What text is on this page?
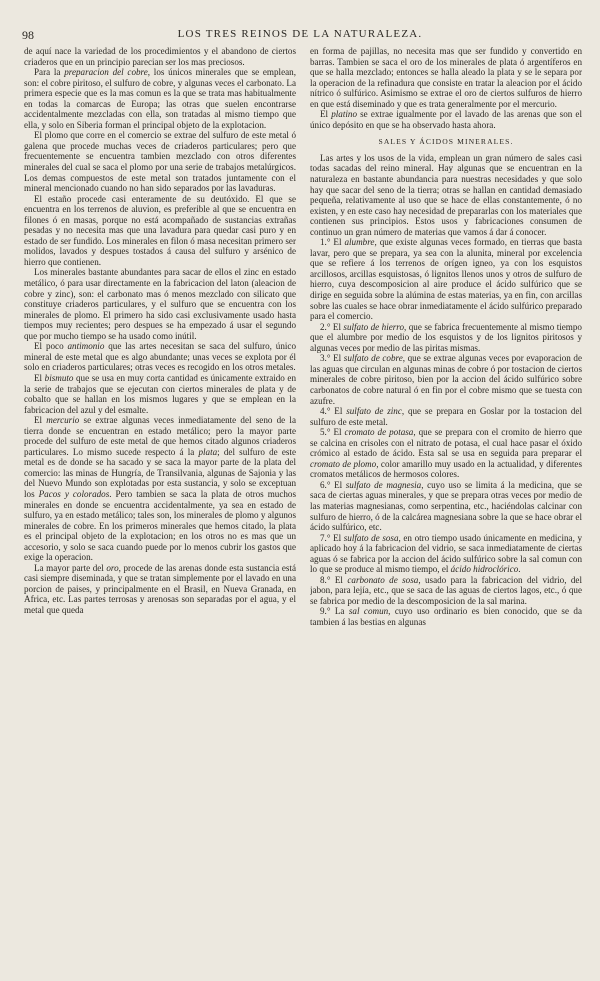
98	LOS TRES REINOS DE LA NATURALEZA.

de aquí nace la variedad de los procedimientos y el abandono de ciertos criaderos que en un principio parecian ser los mas preciosos.

Para la preparacion del cobre, los únicos minerales que se emplean, son: el cobre piritoso, el sulfuro de cobre, y algunas veces el carbonato. La primera especie que es la mas comun es la que se trata mas habitualmente en todas la comarcas de Europa; las otras que suelen encontrarse accidentalmente mezcladas con ella, son tratadas al mismo tiempo que ella, y solo en Siberia forman el principal objeto de la explotacion.

El plomo que corre en el comercio se extrae del sulfuro de este metal ó galena que procede muchas veces de criaderos particulares; pero que frecuentemente se encuentra tambien mezclado con otros diferentes minerales del cual se saca el plomo por una serie de trabajos metalúrgicos. Los demas compuestos de este metal son tratados juntamente con el mineral mencionado cuando no han sido separados por las lavaduras.

El estaño procede casi enteramente de su deutóxido. El que se encuentra en los terrenos de aluvion, es preferible al que se encuentra en filones ó en masas, porque no está acompañado de sustancias extrañas pesadas y no necesita mas que una lavadura para quedar casi puro y en estado de ser fundido. Los minerales en filon ó masa necesitan primero ser molidos, lavados y despues tostados á causa del sulfuro y arsénico de hierro que contienen.

Los minerales bastante abundantes para sacar de ellos el zinc en estado metálico, ó para usar directamente en la fabricacion del laton (aleacion de cobre y zinc), son: el carbonato mas ó menos mezclado con silicato que constituye criaderos particulares, y el sulfuro que se encuentra con los minerales de plomo. El primero ha sido casi exclusivamente usado hasta tiempos muy recientes; pero despues se ha empezado á usar el segundo que por mucho tiempo se ha usado como inútil.

El poco antimonio que las artes necesitan se saca del sulfuro, único mineral de este metal que es algo abundante; unas veces se explota por él solo en criaderos particulares; otras veces es recogido en los otros metales.

El bismuto que se usa en muy corta cantidad es únicamente extraido en la serie de trabajos que se ejecutan con ciertos minerales de plata y de cobalto que se hallan en los mismos lugares y que se emplean en la fabricacion del azul y del esmalte.

El mercurio se extrae algunas veces inmediatamente del seno de la tierra donde se encuentran en estado metálico; pero la mayor parte procede del sulfuro de este metal de que hemos citado algunos criaderos particulares. Lo mismo sucede respecto á la plata; del sulfuro de este metal es de donde se ha sacado y se saca la mayor parte de la plata del comercio: las minas de Hungría, de Transilvania, algunas de Sajonia y las del Nuevo Mundo son explotadas por esta sustancia, y solo se exceptuan los Pacos y colorados. Pero tambien se saca la plata de otros muchos minerales en donde se encuentra accidentalmente, ya sea en estado de sulfuro, ya en estado metálico; tales son, los minerales de plomo y algunos minerales de cobre. En los primeros minerales que hemos citado, la plata es el principal objeto de la explotacion; en los otros no es mas que un accesorio, y solo se saca cuando puede por lo menos cubrir los gastos que exige la operacion.

La mayor parte del oro, procede de las arenas donde esta sustancia está casi siempre diseminada, y que se tratan simplemente por el lavado en una porcion de paises, y principalmente en el Brasil, en Nueva Granada, en Africa, etc. Las partes terrosas y arenosas son separadas por el agua, y el metal que queda

en forma de pajillas, no necesita mas que ser fundido y convertido en barras. Tambien se saca el oro de los minerales de plata ó argentíferos en que se halla mezclado; entonces se halla aleado la plata y se le separa por la operacion de la refinadura que consiste en tratar la aleacion por el ácido nítrico ó sulfúrico. Asimismo se extrae el oro de ciertos sulfuros de hierro en que está diseminado y que es trata generalmente por el mercurio.

El platino se extrae igualmente por el lavado de las arenas que son el único depósito en que se ha observado hasta ahora.

SALES Y ÁCIDOS MINERALES.

Las artes y los usos de la vida, emplean un gran número de sales casi todas sacadas del reino mineral. Hay algunas que se encuentran en la naturaleza en bastante abundancia para nuestras necesidades y que solo hay que sacar del seno de la tierra; otras se hallan en cantidad demasiado pequeña, relativamente al uso que se hace de ellas constantemente, ó no existen, y en este caso hay necesidad de prepararlas con los materiales que contienen sus principios. Estos usos y fabricaciones consumen de continuo un gran número de materias que vamos á dar á conocer.

1.° El alumbre, que existe algunas veces formado, en tierras que basta lavar, pero que se prepara, ya sea con la alunita, mineral por excelencia que se refiere á los terrenos de orígen igneo, ya con los esquistos arcillosos, arcillas esquistosas, ó lignitos llenos unos y otros de sulfuro de hierro, cuya descomposicion al aire produce el ácido sulfúrico que se dirige en seguida sobre la alúmina de estas materias, ya en fin, con arcillas sobre las cuales se hace obrar inmediatamente el ácido sulfúrico preparado para el comercio.

2.° El sulfato de hierro, que se fabrica frecuentemente al mismo tiempo que el alumbre por medio de los esquistos y de los lignitos piritosos y algunas veces por medio de las piritas mismas.

3.° El sulfato de cobre, que se extrae algunas veces por evaporacion de las aguas que circulan en algunas minas de cobre ó por tostacion de ciertos minerales de cobre piritoso, bien por la accion del ácido sulfúrico sobre carbonatos de cobre natural ó en fin por el cobre mismo que se tuesta con azufre.

4.° El sulfato de zinc, que se prepara en Goslar por la tostacion del sulfuro de este metal.

5.° El cromato de potasa, que se prepara con el cromito de hierro que se calcina en crisoles con el nitrato de potasa, el cual hace pasar el óxido crómico al estado de ácido. Esta sal se usa en seguida para preparar el cromato de plomo, color amarillo muy usado en la actualidad, y diferentes cromatos metálicos de hermosos colores.

6.° El sulfato de magnesia, cuyo uso se limita á la medicina, que se saca de ciertas aguas minerales, y que se prepara otras veces por medio de las materias magnesianas, como serpentina, etc., haciéndolas calcinar con sulfuro de hierro, ó de la calcárea magnesiana sobre la que se hace obrar el ácido sulfúrico, etc.

7.° El sulfato de sosa, en otro tiempo usado únicamente en medicina, y aplicado hoy á la fabricacion del vidrio, se saca inmediatamente de ciertas aguas ó se fabrica por la accion del ácido sulfúrico sobre la sal comun con lo que se produce al mismo tiempo, el ácido hidroclórico.

8.° El carbonato de sosa, usado para la fabricacion del vidrio, del jabon, para lejía, etc., que se saca de las aguas de ciertos lagos, etc., ó que se fabrica por medio de la descomposicion de la sal marina.

9.° La sal comun, cuyo uso ordinario es bien conocido, que se da tambien á las bestias en algunas
